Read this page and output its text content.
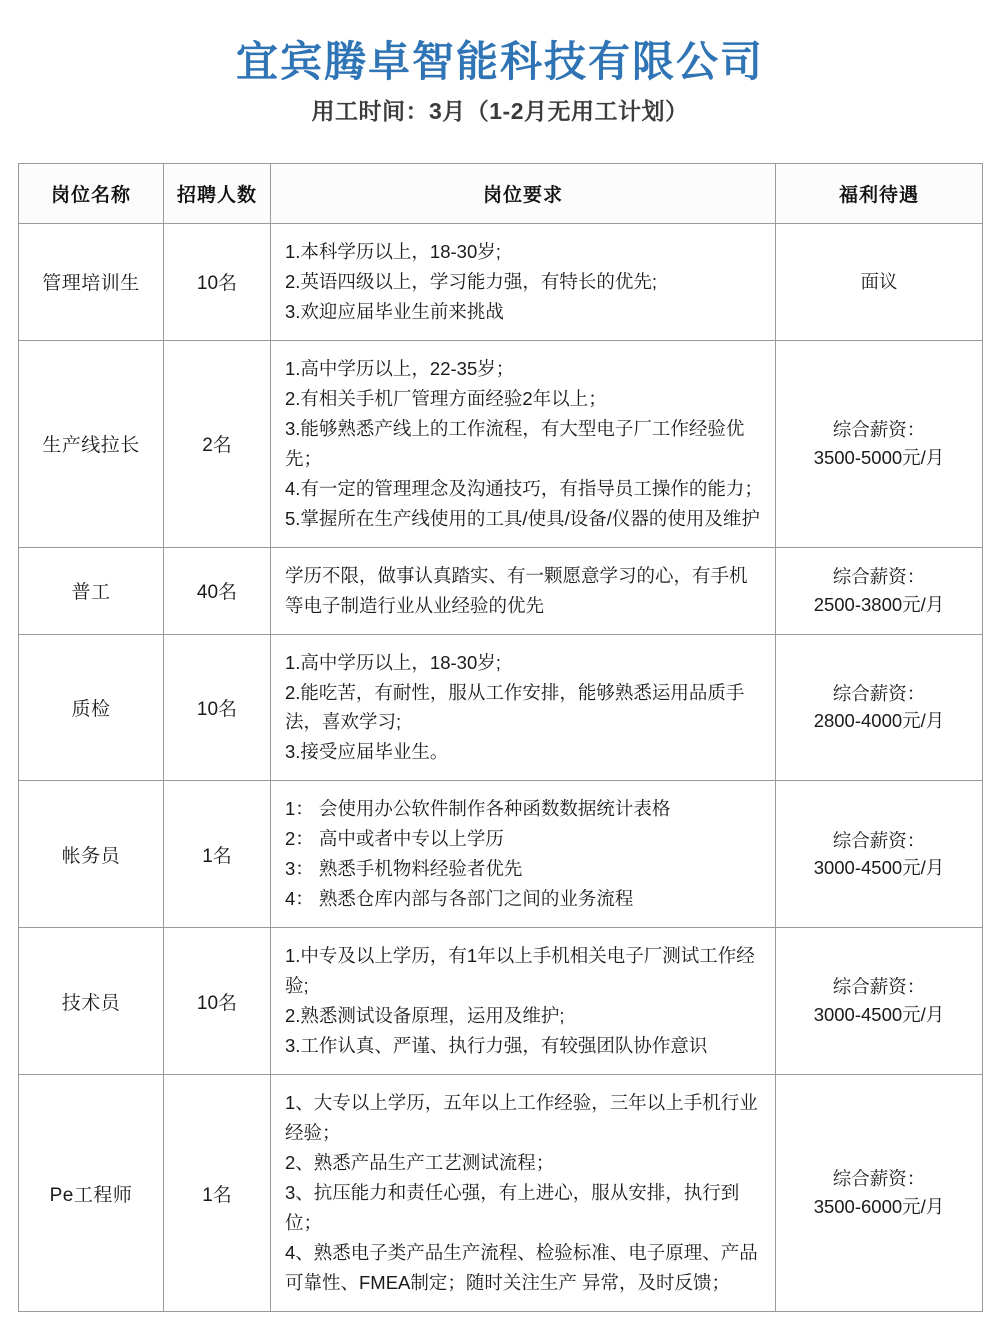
宜宾腾卓智能科技有限公司
用工时间：3月（1-2月无用工计划）
岗位名称	招聘人数	岗位要求	福利待遇
管理培训生	10名	1.本科学历以上，18-30岁;
2.英语四级以上，学习能力强，有特长的优先;
3.欢迎应届毕业生前来挑战	面议

生产线拉长	2名	1.高中学历以上，22-35岁；
2.有相关手机厂管理方面经验2年以上；
3.能够熟悉产线上的工作流程，有大型电子厂工作经验优先；
4.有一定的管理理念及沟通技巧，有指导员工操作的能力；
5.掌握所在生产线使用的工具/使具/设备/仪器的使用及维护	综合薪资：
3500-5000元/月

普工	40名	学历不限，做事认真踏实、有一颗愿意学习的心，有手机等电子制造行业从业经验的优先	综合薪资：
2500-3800元/月

质检	10名	1.高中学历以上，18-30岁;
2.能吃苦，有耐性，服从工作安排，能够熟悉运用品质手法，喜欢学习;
3.接受应届毕业生。	综合薪资：
2800-4000元/月

帐务员	1名	1： 会使用办公软件制作各种函数数据统计表格
2： 高中或者中专以上学历
3： 熟悉手机物料经验者优先
4： 熟悉仓库内部与各部门之间的业务流程	综合薪资：
3000-4500元/月

技术员	10名	1.中专及以上学历，有1年以上手机相关电子厂测试工作经验;
2.熟悉测试设备原理，运用及维护;
3.工作认真、严谨、执行力强，有较强团队协作意识	综合薪资：
3000-4500元/月

Pe工程师	1名	1、大专以上学历，五年以上工作经验，三年以上手机行业经验；
2、熟悉产品生产工艺测试流程；
3、抗压能力和责任心强，有上进心，服从安排，执行到位；
4、熟悉电子类产品生产流程、检验标准、电子原理、产品可靠性、FMEA制定；随时关注生产 异常，及时反馈；	综合薪资：
3500-6000元/月
